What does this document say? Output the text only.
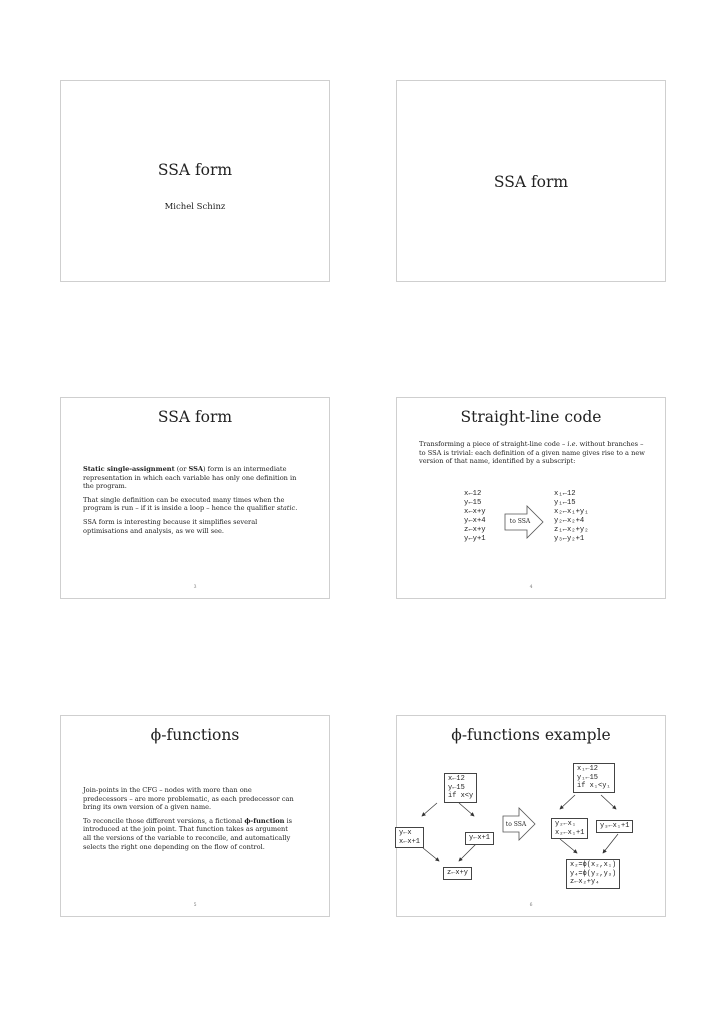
SSA form
Michel Schinz
SSA form
SSA form

Static single-assignment (or SSA) form is an intermediate representation in which each variable has only one definition in the program.

That single definition can be executed many times when the program is run – if it is inside a loop – hence the qualifier static.

SSA form is interesting because it simplifies several optimisations and analysis, as we will see.

3
Straight-line code

Transforming a piece of straight-line code – i.e. without branches – to SSA is trivial: each definition of a given name gives rise to a new version of that name, identified by a subscript:

x←12
y←15
x←x+y
y←x+4
z←x+y
y←y+1
to SSA
x₁←12
y₁←15
x₂←x₁+y₁
y₂←x₂+4
z₁←x₂+y₂
y₃←y₂+1
4
ϕ-functions

Join-points in the CFG – nodes with more than one predecessors – are more problematic, as each predecessor can bring its own version of a given name.

To reconcile those different versions, a fictional ϕ-function is introduced at the join point. That function takes as argument all the versions of the variable to reconcile, and automatically selects the right one depending on the flow of control.

5
ϕ-functions example
to SSA
x←12
y←15
if x<y
y←x
x←x+1	y←x+1
z←x+y
x₁←12
y₁←15
if x₁<y₁
y₂←x₁
x₂←x₁+1
y₃←x₁+1
x₂=ϕ(x₂,x₁)
y₄=ϕ(y₂,y₃)
z←x₂+y₄
6
